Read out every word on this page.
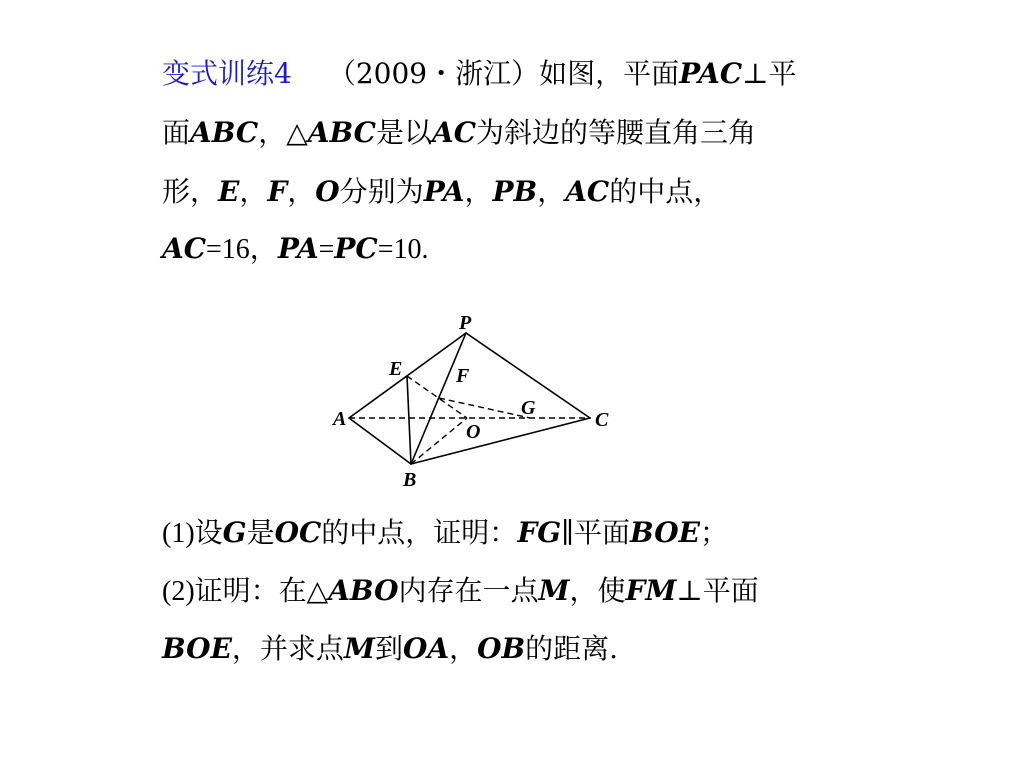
变式训练4 （2009・浙江）如图，平面PAC⊥平
面ABC，△ABC是以AC为斜边的等腰直角三角
形，E，F，O分别为PA，PB，AC的中点，
AC=16，PA=PC=10.
P
E	F
A
O
G
C
B
(1)设G是OC的中点，证明：FG∥平面BOE；
(2)证明：在△ABO内存在一点M，使FM⊥平面
BOE，并求点M到OA，OB的距离.
